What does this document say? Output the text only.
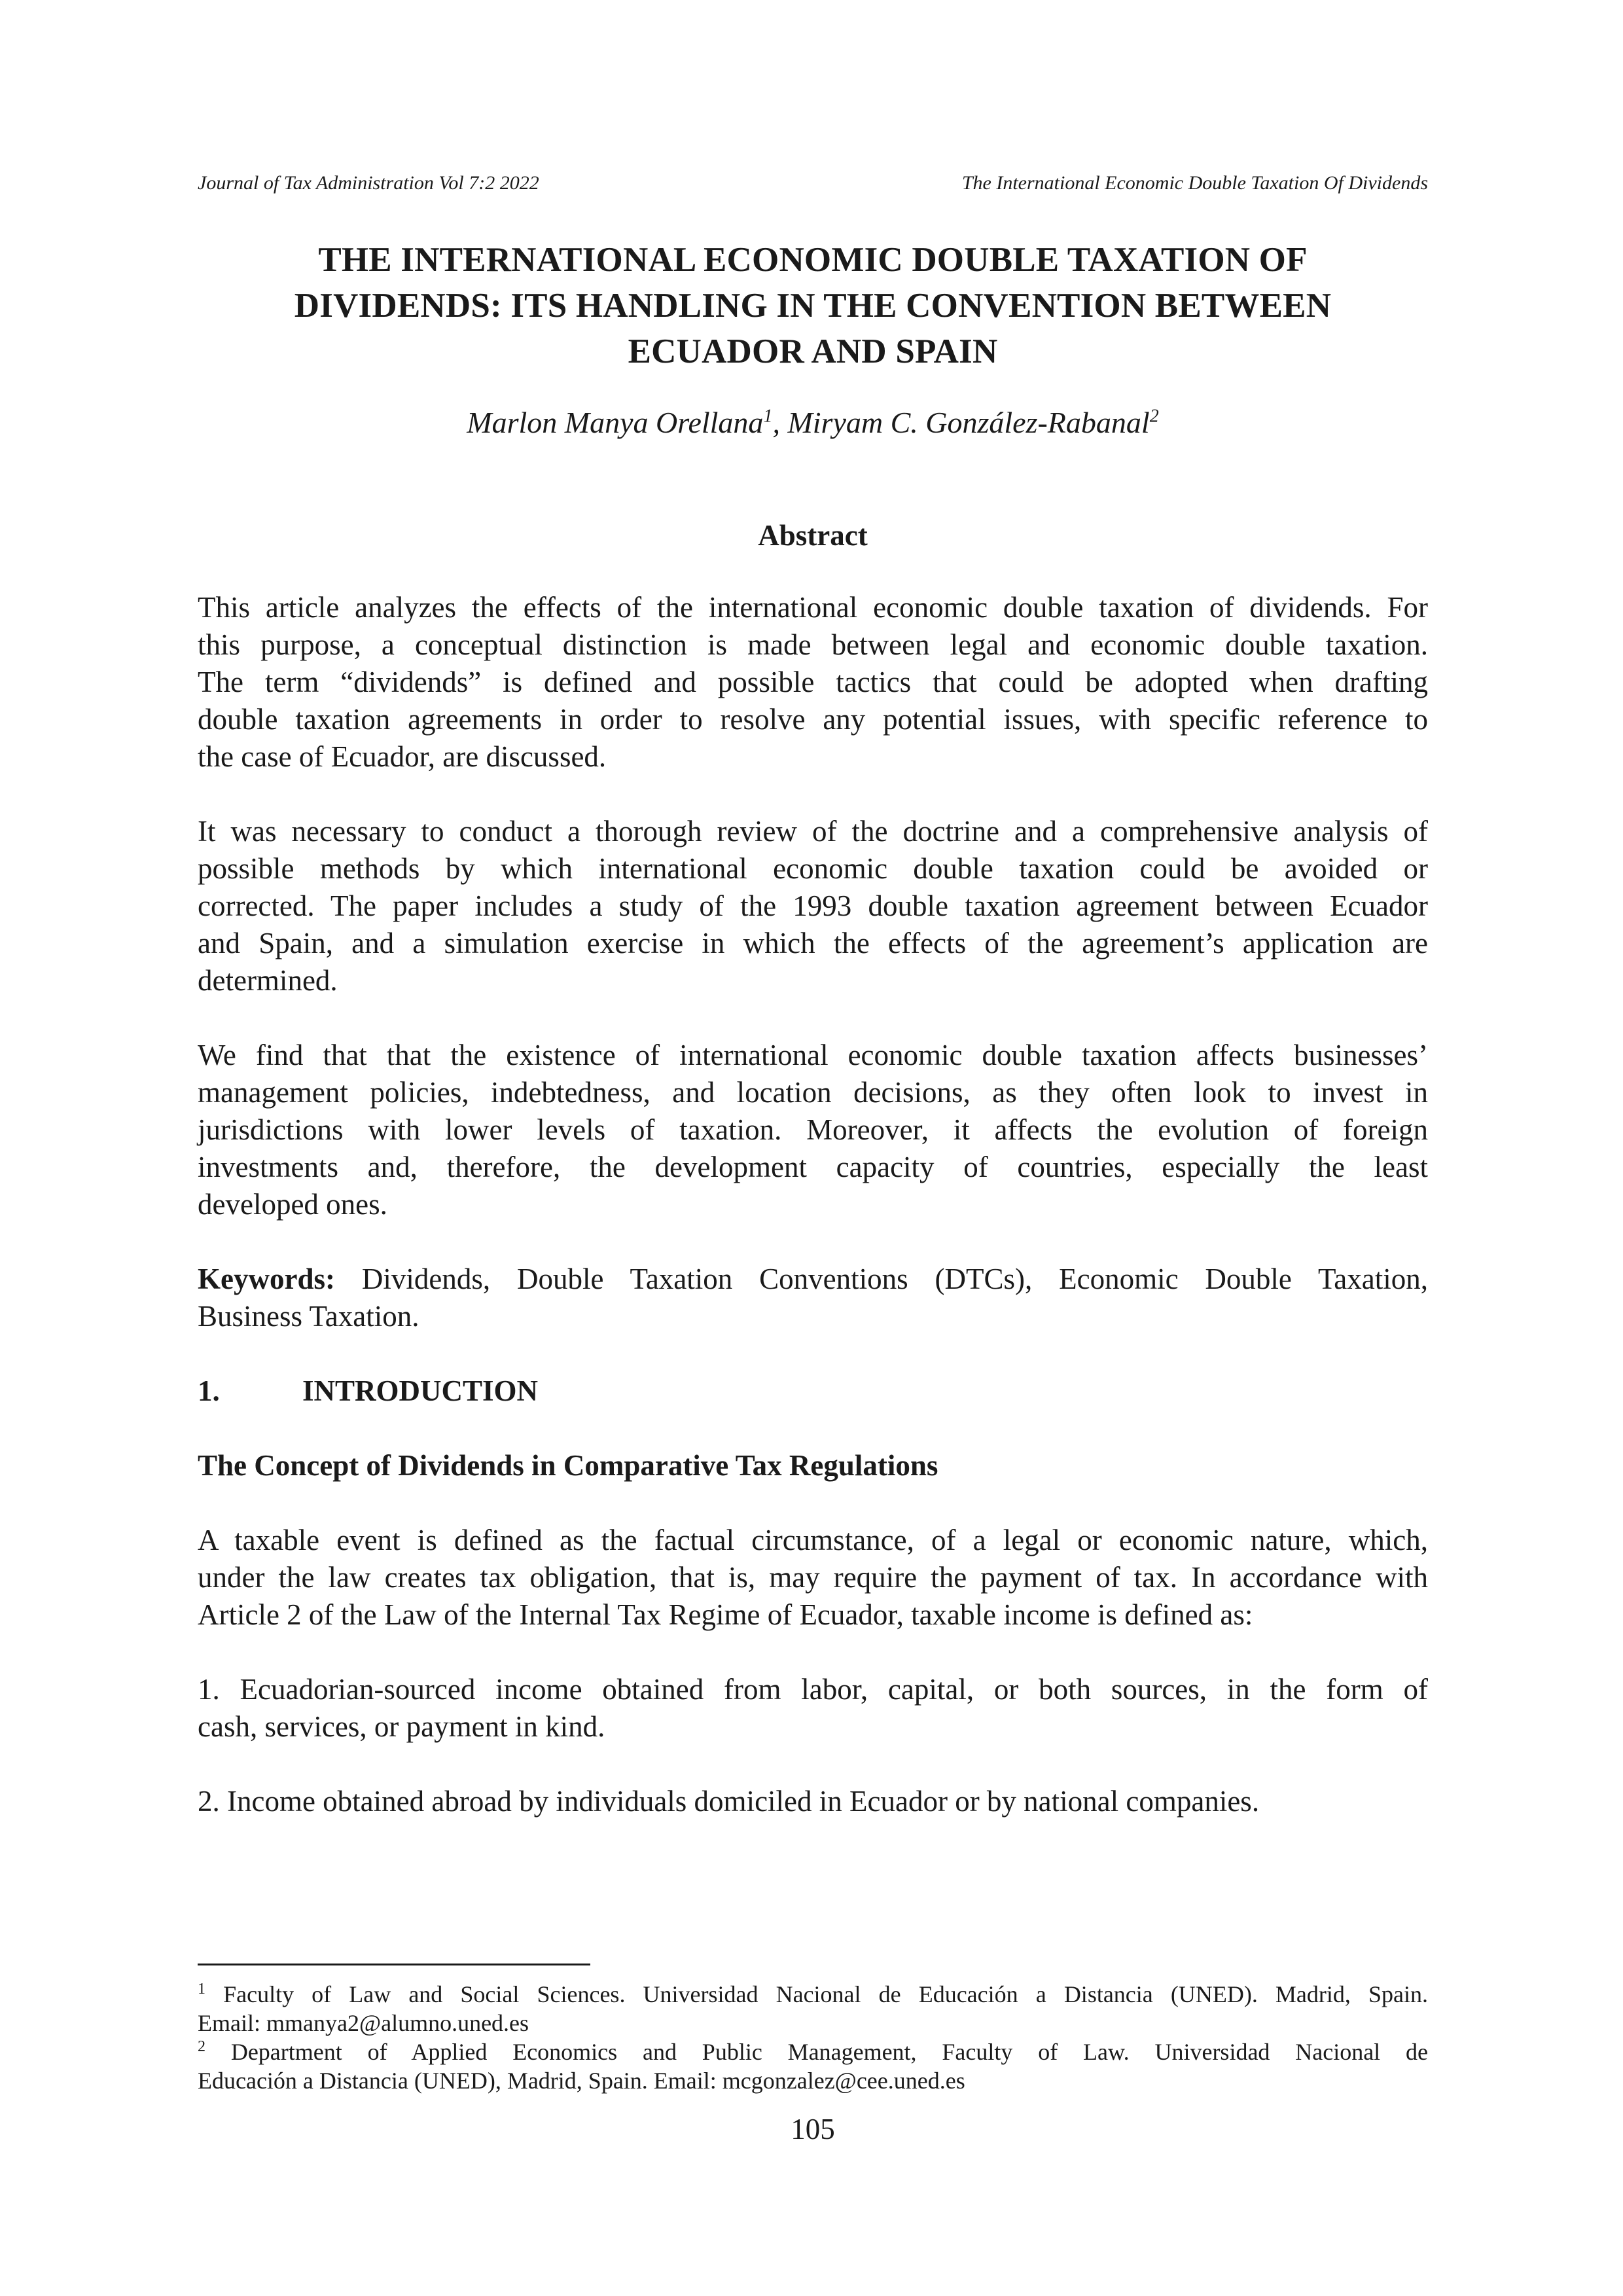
Journal of Tax Administration Vol 7:2 2022	The International Economic Double Taxation Of Dividends
THE INTERNATIONAL ECONOMIC DOUBLE TAXATION OF
DIVIDENDS: ITS HANDLING IN THE CONVENTION BETWEEN
ECUADOR AND SPAIN
Marlon Manya Orellana$^1$, Miryam C. González-Rabanal$^2$
Abstract

This article analyzes the effects of the international economic double taxation of dividends. For
this purpose, a conceptual distinction is made between legal and economic double taxation.
The term “dividends” is defined and possible tactics that could be adopted when drafting
double taxation agreements in order to resolve any potential issues, with specific reference to
the case of Ecuador, are discussed.

It was necessary to conduct a thorough review of the doctrine and a comprehensive analysis of
possible methods by which international economic double taxation could be avoided or
corrected. The paper includes a study of the 1993 double taxation agreement between Ecuador
and Spain, and a simulation exercise in which the effects of the agreement’s application are
determined.

We find that that the existence of international economic double taxation affects businesses’
management policies, indebtedness, and location decisions, as they often look to invest in
jurisdictions with lower levels of taxation. Moreover, it affects the evolution of foreign
investments and, therefore, the development capacity of countries, especially the least
developed ones.

Keywords: Dividends, Double Taxation Conventions (DTCs), Economic Double Taxation,
Business Taxation.

1.	INTRODUCTION
The Concept of Dividends in Comparative Tax Regulations

A taxable event is defined as the factual circumstance, of a legal or economic nature, which,
under the law creates tax obligation, that is, may require the payment of tax. In accordance with
Article 2 of the Law of the Internal Tax Regime of Ecuador, taxable income is defined as:

1. Ecuadorian-sourced income obtained from labor, capital, or both sources, in the form of
cash, services, or payment in kind.

2. Income obtained abroad by individuals domiciled in Ecuador or by national companies.

$^1$ Faculty of Law and Social Sciences. Universidad Nacional de Educación a Distancia (UNED). Madrid, Spain.
Email: mmanya2@alumno.uned.es
$^2$ Department of Applied Economics and Public Management, Faculty of Law. Universidad Nacional de
Educación a Distancia (UNED), Madrid, Spain. Email: mcgonzalez@cee.uned.es
105
